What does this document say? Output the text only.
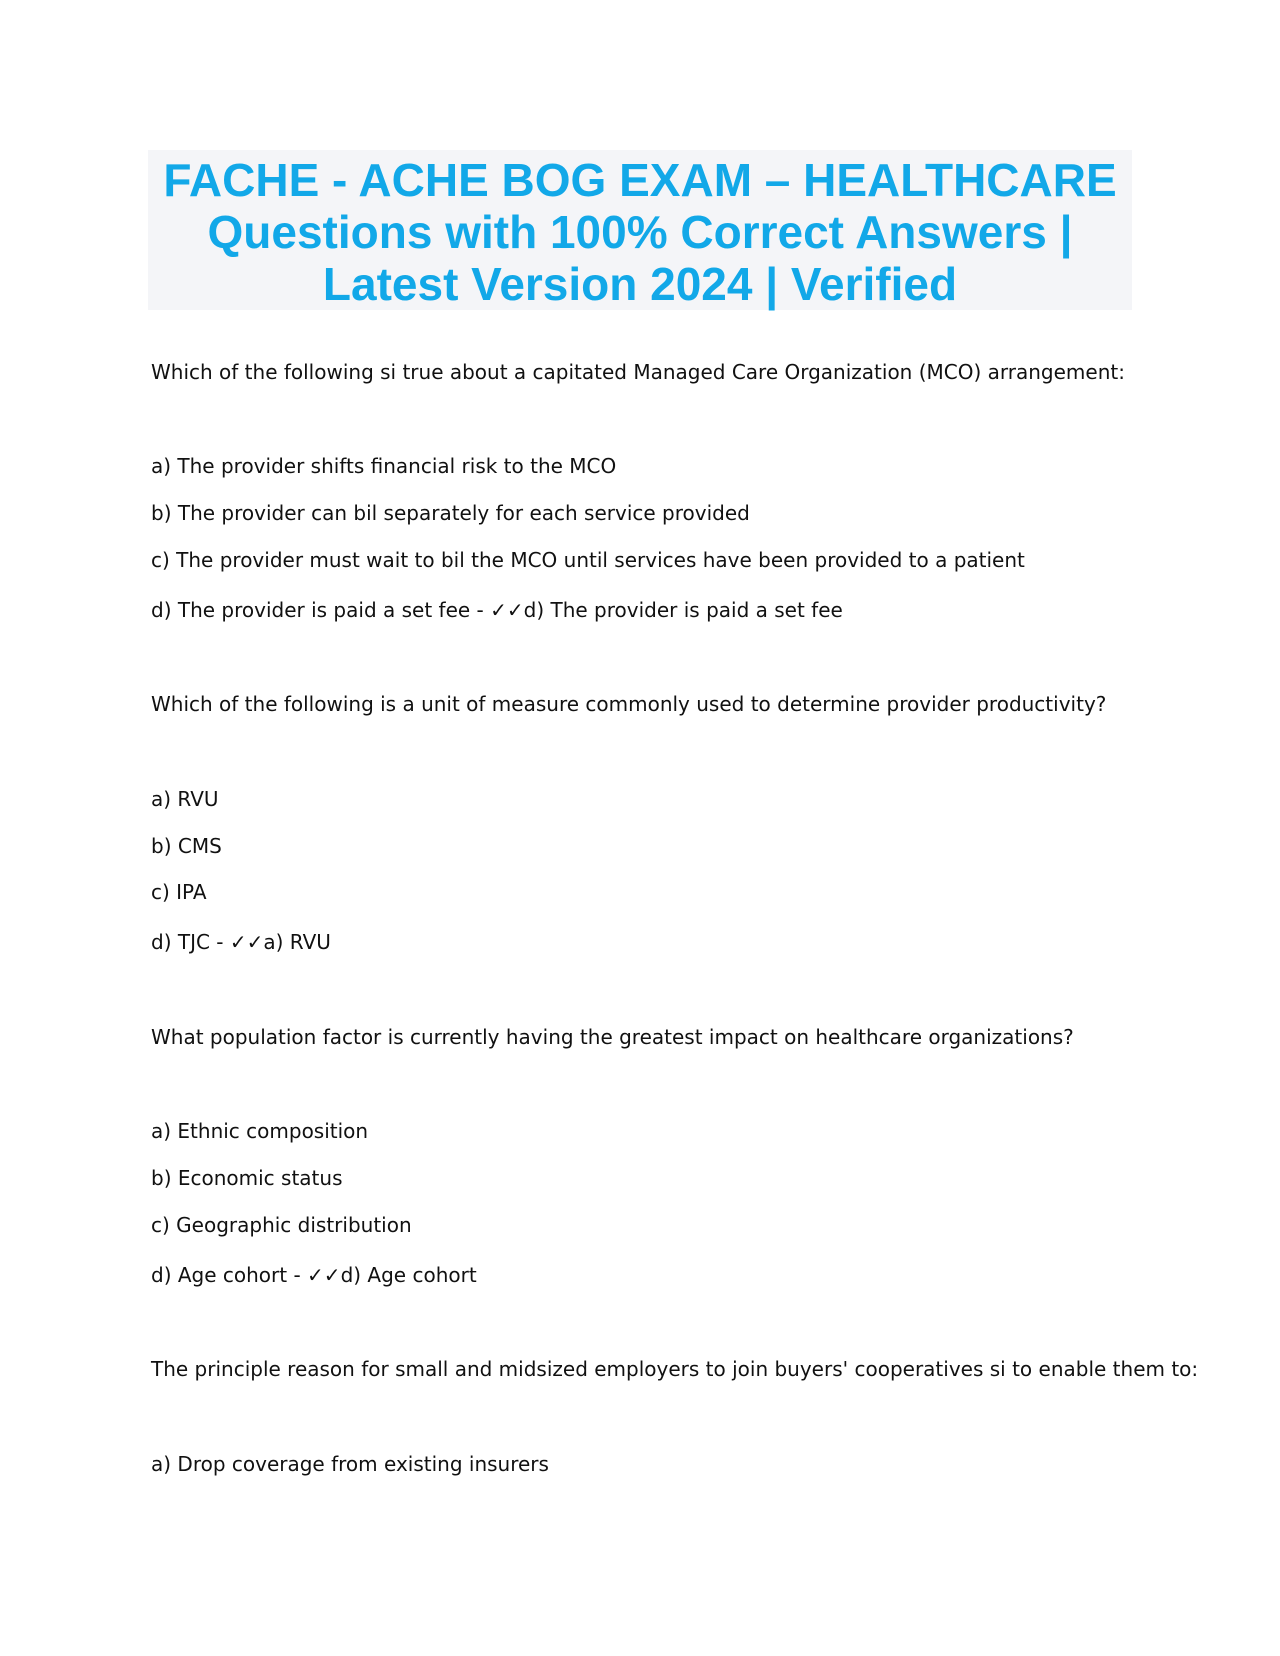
FACHE - ACHE BOG EXAM – HEALTHCARE
Questions with 100% Correct Answers |
Latest Version 2024 | Verified
Which of the following si true about a capitated Managed Care Organization (MCO) arrangement:
a) The provider shifts financial risk to the MCO
b) The provider can bil separately for each service provided
c) The provider must wait to bil the MCO until services have been provided to a patient
d) The provider is paid a set fee - ✓✓d) The provider is paid a set fee
Which of the following is a unit of measure commonly used to determine provider productivity?
a) RVU
b) CMS
c) IPA
d) TJC - ✓✓a) RVU
What population factor is currently having the greatest impact on healthcare organizations?
a) Ethnic composition
b) Economic status
c) Geographic distribution
d) Age cohort - ✓✓d) Age cohort
The principle reason for small and midsized employers to join buyers' cooperatives si to enable them to:
a) Drop coverage from existing insurers
